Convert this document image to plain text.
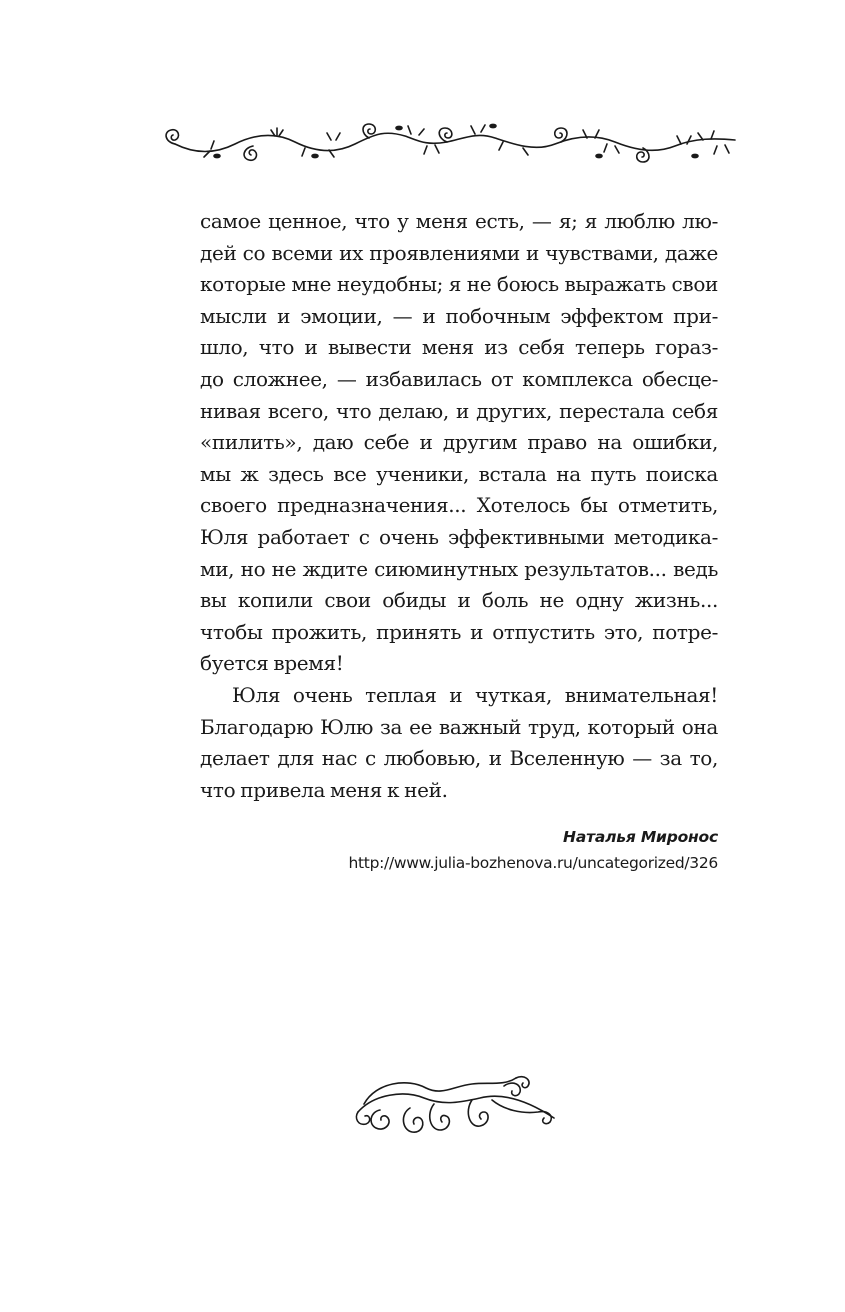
самое ценное, что у меня есть, — я; я люблю лю-
дей со всеми их проявлениями и чувствами, даже
которые мне неудобны; я не боюсь выражать свои
мысли и эмоции, — и побочным эффектом при-
шло, что и вывести меня из себя теперь горaз-
до сложнее, — избавилась от комплекса обесце-
нивая всего, что делаю, и других, перестала себя
«пилить», даю себе и другим право на ошибки,
мы ж здесь все ученики, встала на путь поиска
своего предназначения... Хотелось бы отметить,
Юля работает с очень эффективными методика-
ми, но не ждите сиюминутных результатов... ведь
вы копили свои обиды и боль не одну жизнь...
чтобы прожить, принять и отпустить это, потре-
буется время!

Юля очень теплая и чуткая, внимательная!
Благодарю Юлю за ее важный труд, который она
делает для нас с любовью, и Вселенную — за то,
что привела меня к ней.

Наталья Миронос
http://www.julia-bozhenova.ru/uncategorized/326
